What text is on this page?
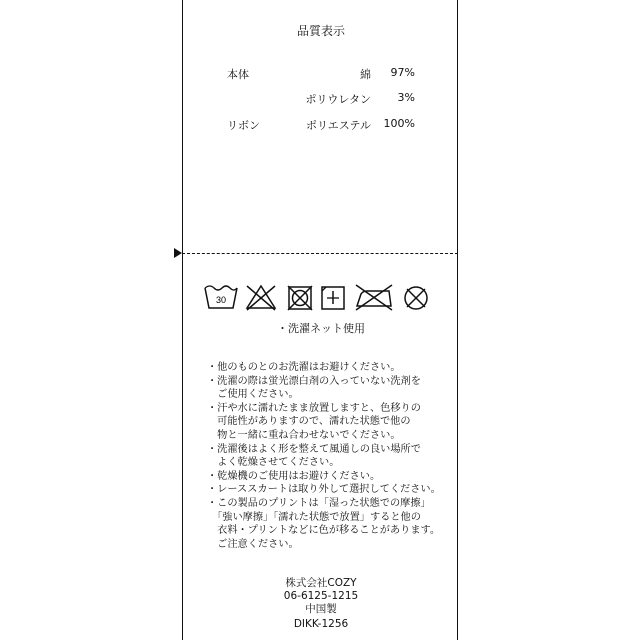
品質表示
本体	綿 97%
ポリウレタン 3%
リボン	ポリエステル 100%
30
・洗濯ネット使用
・他のものとのお洗濯はお避けください。
・洗濯の際は蛍光漂白剤の入っていない洗剤を
　ご使用ください。
・汗や水に濡れたまま放置しますと、色移りの
　可能性がありますので、濡れた状態で他の
　物と一緒に重ね合わせないでください。
・洗濯後はよく形を整えて風通しの良い場所で
　よく乾燥させてください。
・乾燥機のご使用はお避けください。
・レーススカートは取り外して選択してください。
・この製品のプリントは「湿った状態での摩擦」
　「強い摩擦」「濡れた状態で放置」すると他の
　衣料・プリントなどに色が移ることがあります。
　ご注意ください。
株式会社COZY
06-6125-1215
中国製
DIKK-1256
